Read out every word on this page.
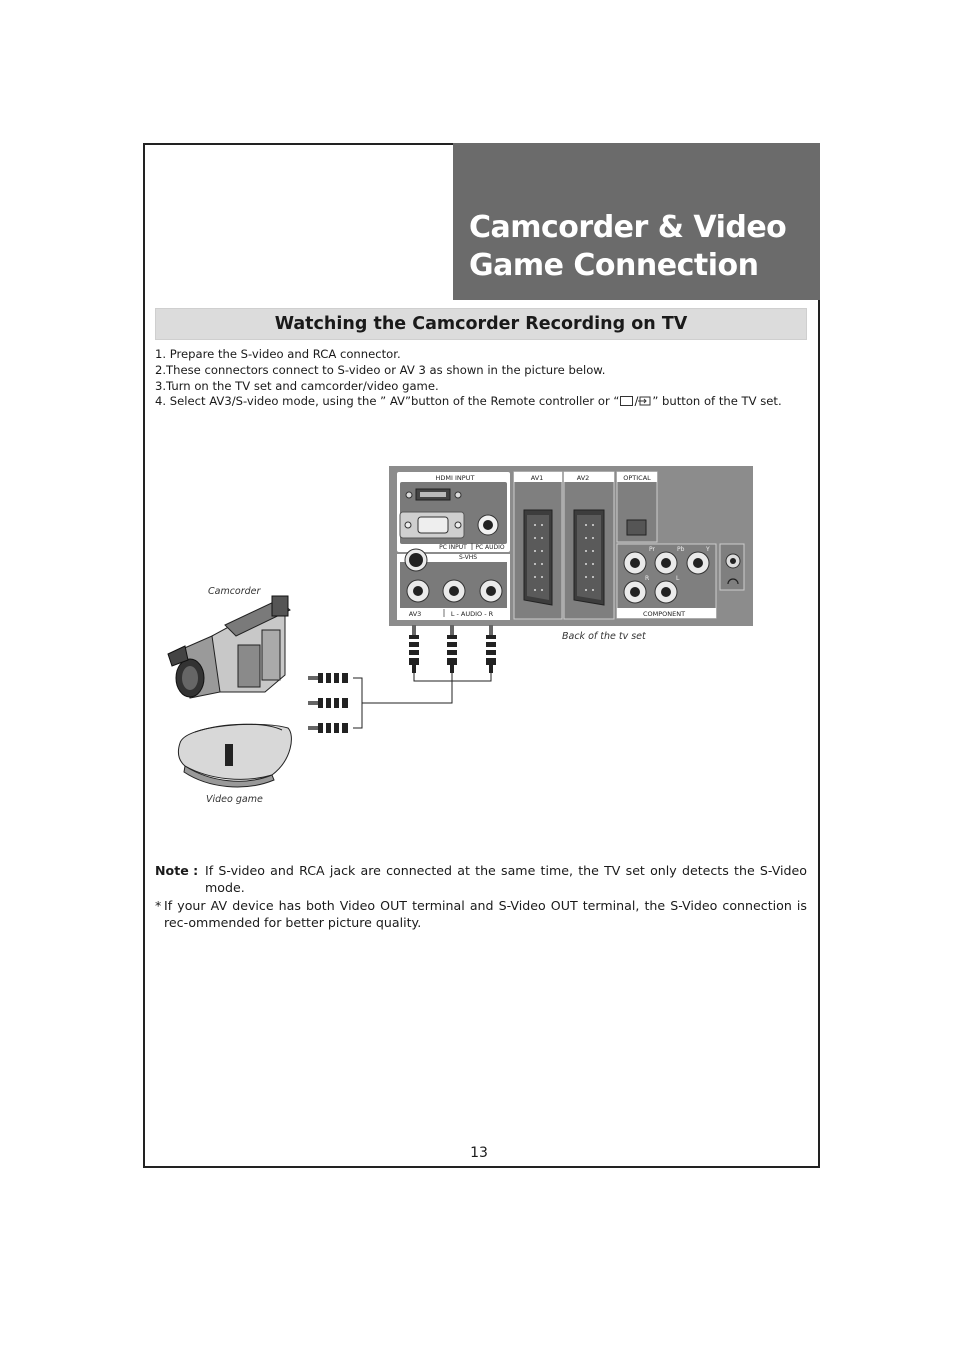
Camcorder & Video
Game Connection
Watching the Camcorder Recording on TV
1. Prepare the S-video and RCA connector.
2.These connectors connect to S-video or AV 3 as shown in the picture below.
3.Turn on the TV set and camcorder/video game.
4. Select AV3/S-video mode, using the ” AV”button of the Remote controller or “ / ” button of the TV set.
HDMI INPUT
PC INPUT PC AUDIO
AV1	AV2	OPTICAL
S-VHS
AV3	L - AUDIO - R	COMPONENT
Pr	Pb	Y
R	L
Camcorder
Video game
Back of the tv set
Note : If S-video and RCA jack are connected at the same time, the TV set only detects the S-Video mode.
* If your AV device has both Video OUT terminal and S-Video OUT terminal, the S-Video connection is rec-ommended for better picture quality.
13
